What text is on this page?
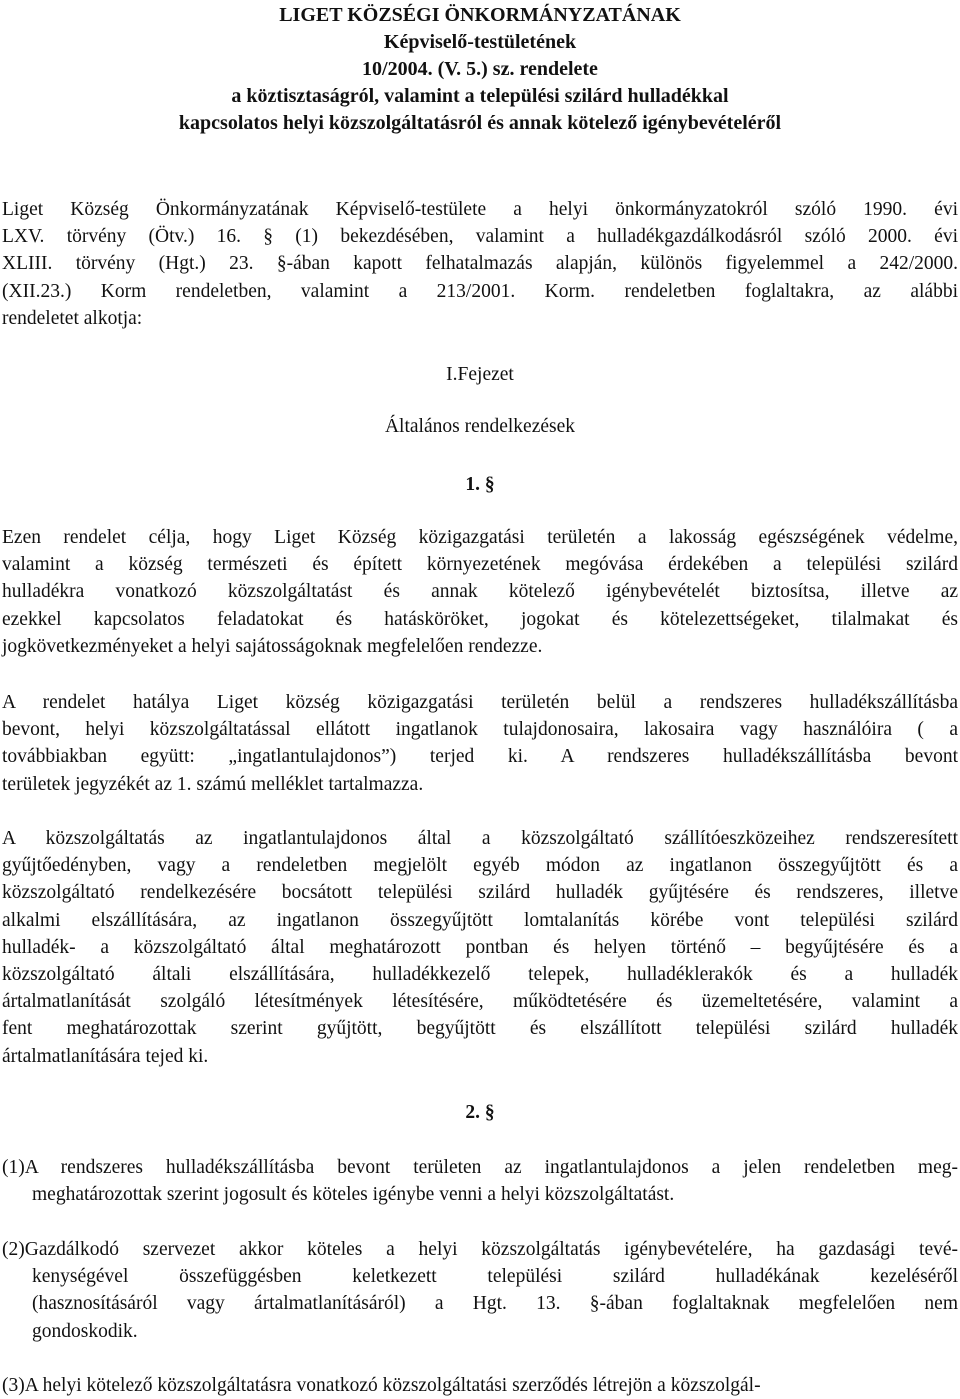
LIGET KÖZSÉGI ÖNKORMÁNYZATÁNAK
Képviselő-testületének
10/2004. (V. 5.) sz. rendelete
a köztisztaságról, valamint a települési szilárd hulladékkal
kapcsolatos helyi közszolgáltatásról és annak kötelező igénybevételéről
Liget Község Önkormányzatának Képviselő-testülete a helyi önkormányzatokról szóló 1990. évi
LXV. törvény (Ötv.) 16. § (1) bekezdésében, valamint a hulladékgazdálkodásról szóló 2000. évi
XLIII. törvény (Hgt.) 23. §-ában kapott felhatalmazás alapján, különös figyelemmel a 242/2000.
(XII.23.) Korm rendeletben, valamint a 213/2001. Korm. rendeletben foglaltakra, az alábbi
rendeletet alkotja:
I.Fejezet
Általános rendelkezések
1. §
Ezen rendelet célja, hogy Liget Község közigazgatási területén a lakosság egészségének védelme,
valamint a község természeti és épített környezetének megóvása érdekében a települési szilárd
hulladékra vonatkozó közszolgáltatást és annak kötelező igénybevételét biztosítsa, illetve az
ezekkel kapcsolatos feladatokat és hatásköröket, jogokat és kötelezettségeket, tilalmakat és
jogkövetkezményeket a helyi sajátosságoknak megfelelően rendezze.
A rendelet hatálya Liget község közigazgatási területén belül a rendszeres hulladékszállításba
bevont, helyi közszolgáltatással ellátott ingatlanok tulajdonosaira, lakosaira vagy használóira ( a
továbbiakban együtt: „ingatlantulajdonos”) terjed ki. A rendszeres hulladékszállításba bevont
területek jegyzékét az 1. számú melléklet tartalmazza.
A közszolgáltatás az ingatlantulajdonos által a közszolgáltató szállítóeszközeihez rendszeresített
gyűjtőedényben, vagy a rendeletben megjelölt egyéb módon az ingatlanon összegyűjtött és a
közszolgáltató rendelkezésére bocsátott települési szilárd hulladék gyűjtésére és rendszeres, illetve
alkalmi elszállítására, az ingatlanon összegyűjtött lomtalanítás körébe vont települési szilárd
hulladék- a közszolgáltató által meghatározott pontban és helyen történő – begyűjtésére és a
közszolgáltató általi elszállítására, hulladékkezelő telepek, hulladéklerakók és a hulladék
ártalmatlanítását szolgáló létesítmények létesítésére, működtetésére és üzemeltetésére, valamint a
fent meghatározottak szerint gyűjtött, begyűjtött és elszállított települési szilárd hulladék
ártalmatlanítására tejed ki.
2. §
(1)A rendszeres hulladékszállításba bevont területen az ingatlantulajdonos a jelen rendeletben meg-
meghatározottak szerint jogosult és köteles igénybe venni a helyi közszolgáltatást.
(2)Gazdálkodó szervezet akkor köteles a helyi közszolgáltatás igénybevételére, ha gazdasági tevé-
kenységével összefüggésben keletkezett települési szilárd hulladékának kezeléséről
(hasznosításáról vagy ártalmatlanításáról) a Hgt. 13. §-ában foglaltaknak megfelelően nem
gondoskodik.
(3)A helyi kötelező közszolgáltatásra vonatkozó közszolgáltatási szerződés létrejön a közszolgál-
